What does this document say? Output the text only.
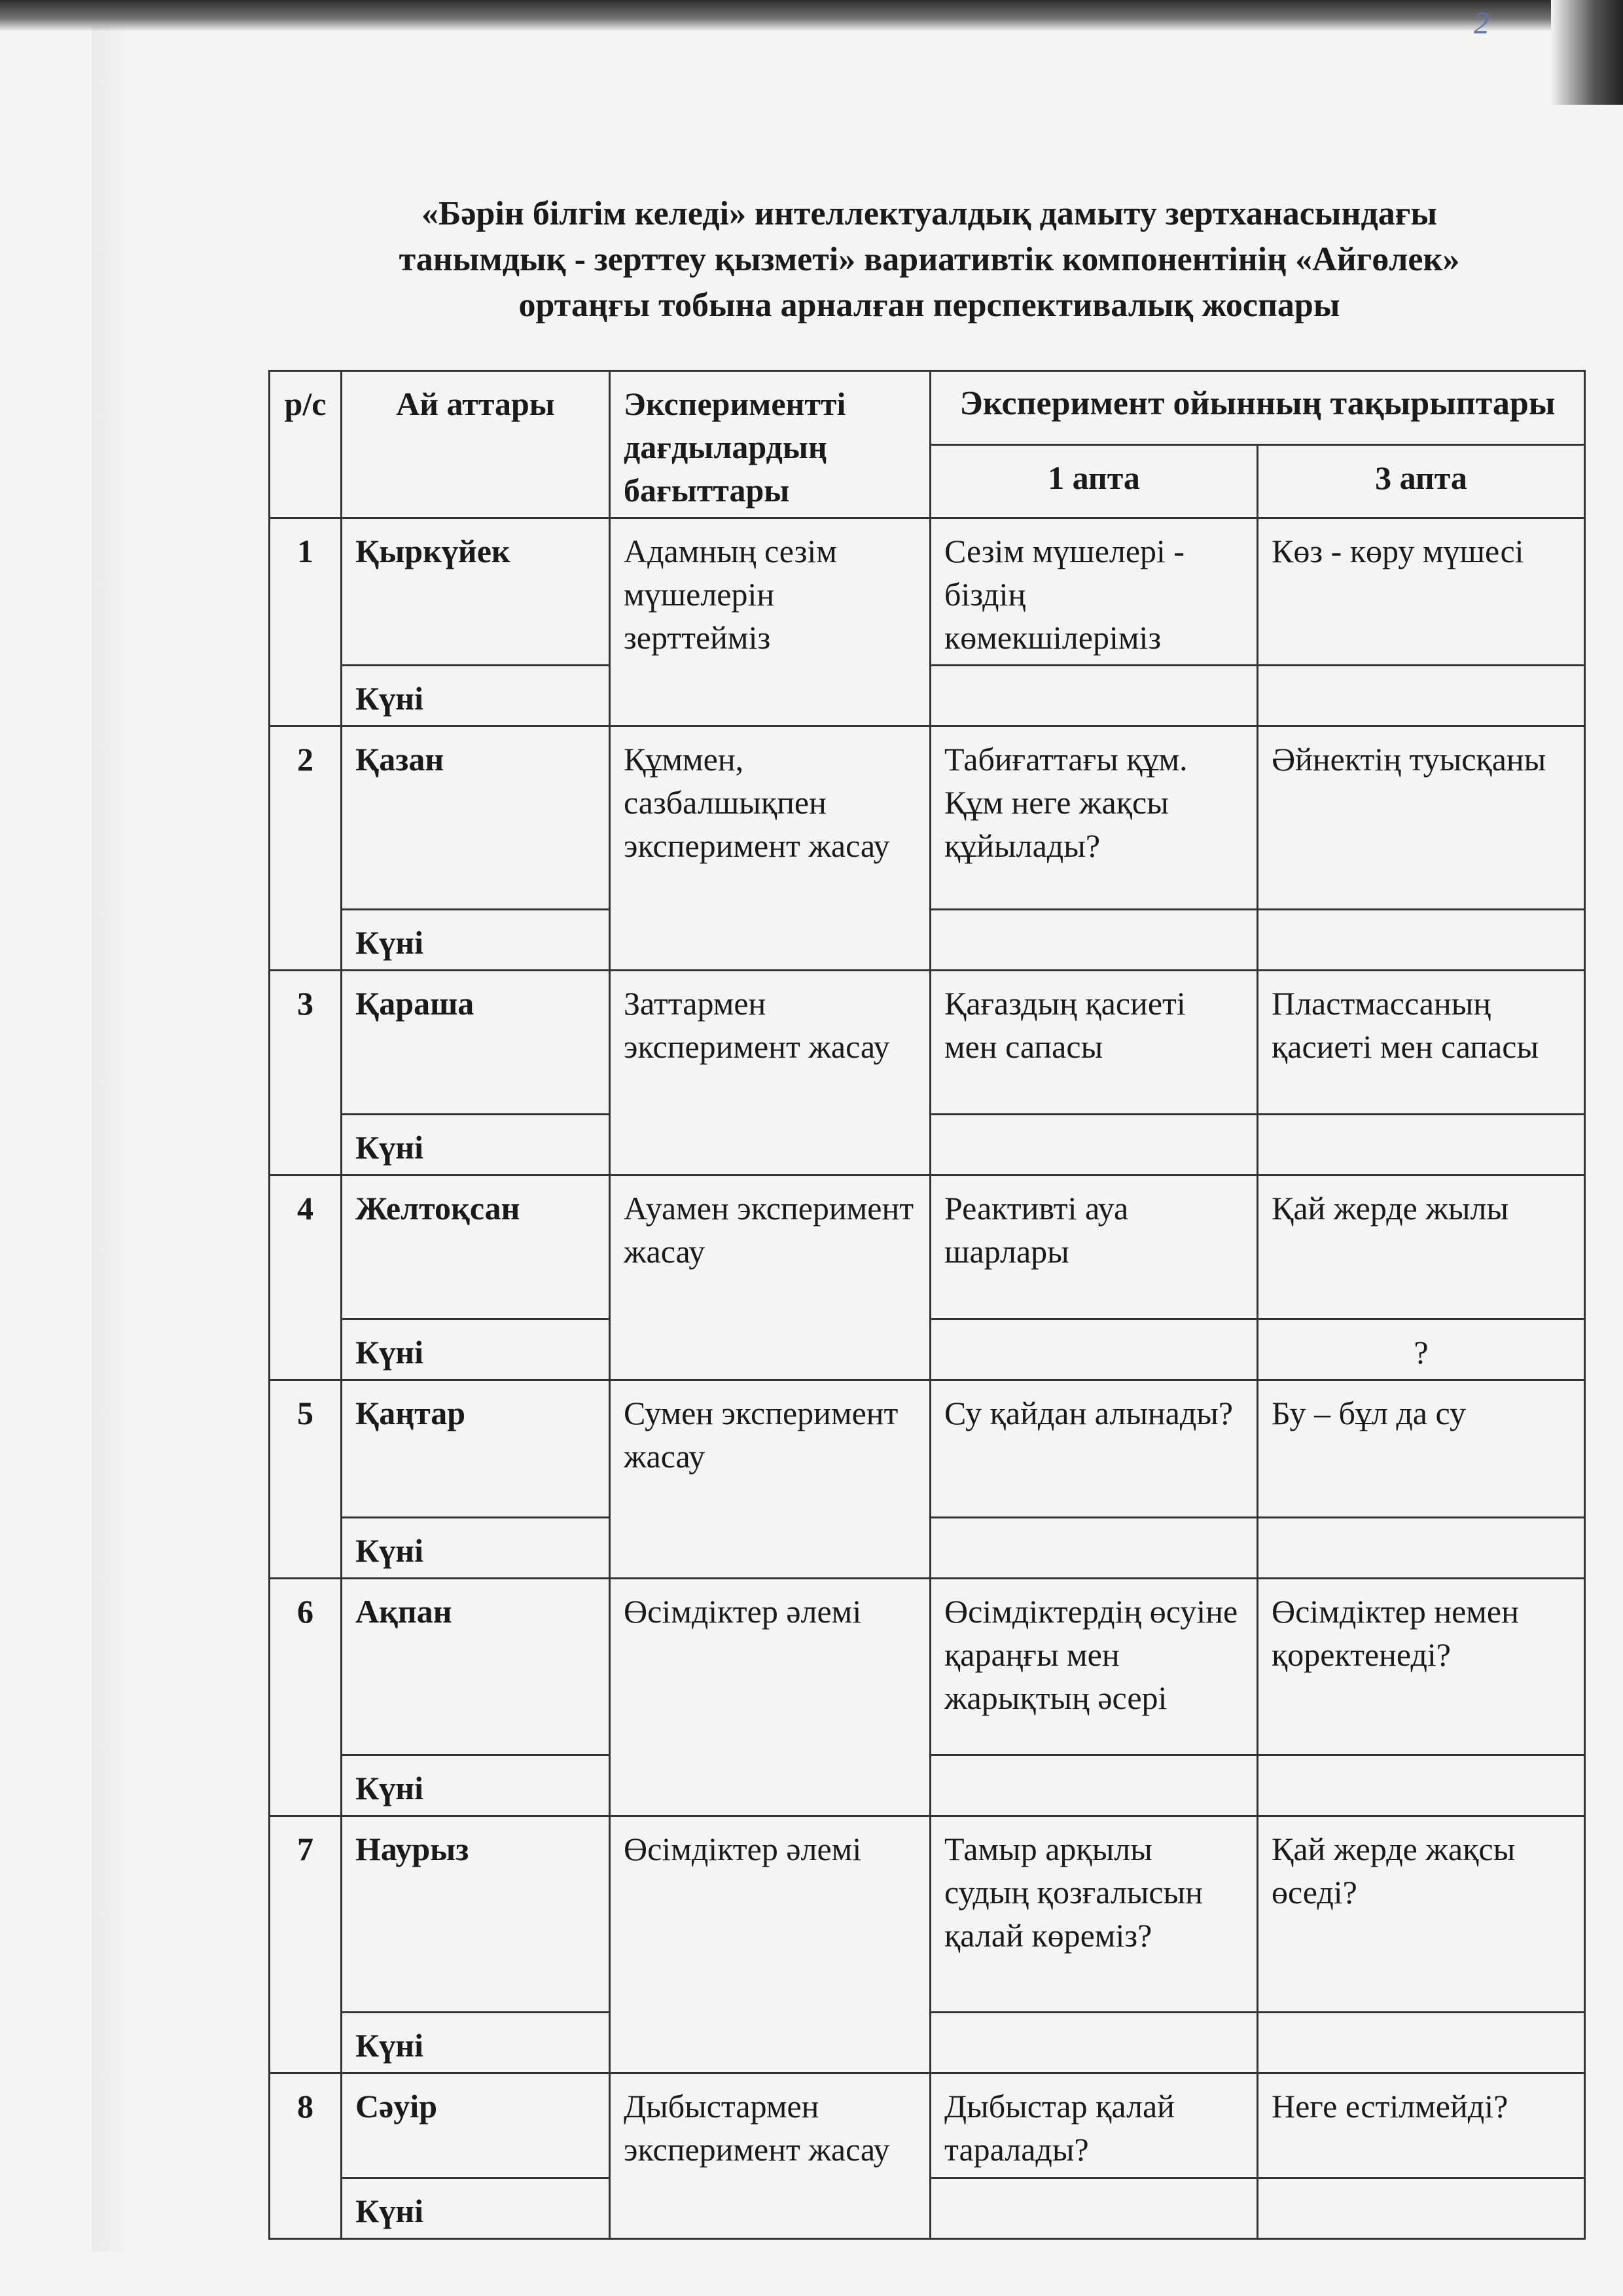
2
«Бәрін білгім келеді» интеллектуалдық дамыту зертханасындағы
танымдық - зерттеу қызметі» вариативтік компонентінің «Айгөлек»
ортаңғы тобына арналған перспективалық жоспары
р/с	Ай аттары	Экспериментті дағдылардың бағыттары	Эксперимент ойынның тақырыптары	
			1 апта	3 апта
1	Қыркүйек	Адамның сезім мүшелерін зерттейміз	Сезім мүшелері - біздің көмекшілеріміз	Көз - көру мүшесі
	Күні			
2	Қазан	Құммен, сазбалшықпен эксперимент жасау	Табиғаттағы құм. Құм неге жақсы құйылады?	Әйнектің туысқаны
	Күні			
3	Қараша	Заттармен эксперимент жасау	Қағаздың қасиеті мен сапасы	Пластмассаның қасиеті мен сапасы
	Күні			
4	Желтоқсан	Ауамен эксперимент жасау	Реактивті ауа шарлары	Қай жерде жылы
	Күні			?
5	Қаңтар	Сумен эксперимент жасау	Су қайдан алынады?	Бу – бұл да су
	Күні			
6	Ақпан	Өсімдіктер әлемі	Өсімдіктердің өсуіне қараңғы мен жарықтың әсері	Өсімдіктер немен қоректенеді?
	Күні			
7	Наурыз	Өсімдіктер әлемі	Тамыр арқылы судың қозғалысын қалай көреміз?	Қай жерде жақсы өседі?
	Күні			
8	Сәуір	Дыбыстармен эксперимент жасау	Дыбыстар қалай таралады?	Неге естілмейді?
	Күні			
